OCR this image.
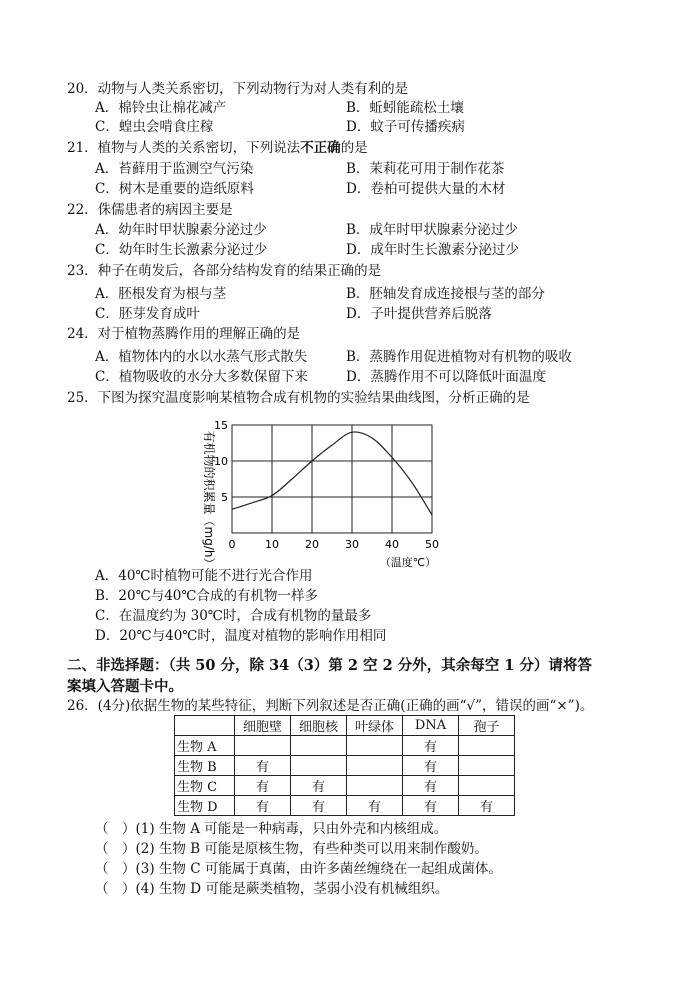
20．动物与人类关系密切，下列动物行为对人类有利的是
A．棉铃虫让棉花减产	B．蚯蚓能疏松土壤
C．蝗虫会啃食庄稼	D．蚊子可传播疾病
21．植物与人类的关系密切，下列说法不正确的是
A．苔藓用于监测空气污染	B．茉莉花可用于制作花茶
C．树木是重要的造纸原料	D．卷柏可提供大量的木材
22．侏儒患者的病因主要是
A．幼年时甲状腺素分泌过少	B．成年时甲状腺素分泌过少
C．幼年时生长激素分泌过少	D．成年时生长激素分泌过少
23．种子在萌发后，各部分结构发育的结果正确的是
A．胚根发育为根与茎	B．胚轴发育成连接根与茎的部分
C．胚芽发育成叶	D．子叶提供营养后脱落
24．对于植物蒸腾作用的理解正确的是
A．植物体内的水以水蒸气形式散失	B．蒸腾作用促进植物对有机物的吸收
C．植物吸收的水分大多数保留下来	D．蒸腾作用不可以降低叶面温度
25．下图为探究温度影响某植物合成有机物的实验结果曲线图，分析正确的是
有机物的积累量（mg/h）	（温度℃）
0	10 20 30 40 50
5
10
15
A．40℃时植物可能不进行光合作用
B．20℃与40℃合成的有机物一样多
C．在温度约为 30℃时，合成有机物的量最多
D．20℃与40℃时，温度对植物的影响作用相同
二、非选择题：（共 50 分，除 34（3）第 2 空 2 分外，其余每空 1 分）请将答
案填入答题卡中。
26．(4分)依据生物的某些特征，判断下列叙述是否正确(正确的画“√”，错误的画“×”)。
	细胞壁	细胞核	叶绿体	DNA	孢子
生物 A				有	
生物 B	有			有	
生物 C	有	有		有	
生物 D	有	有	有	有	有
（　）(1) 生物 A 可能是一种病毒，只由外壳和内核组成。
（　）(2) 生物 B 可能是原核生物，有些种类可以用来制作酸奶。
（　）(3) 生物 C 可能属于真菌，由许多菌丝缠绕在一起组成菌体。
（　）(4) 生物 D 可能是蕨类植物，茎弱小没有机械组织。
